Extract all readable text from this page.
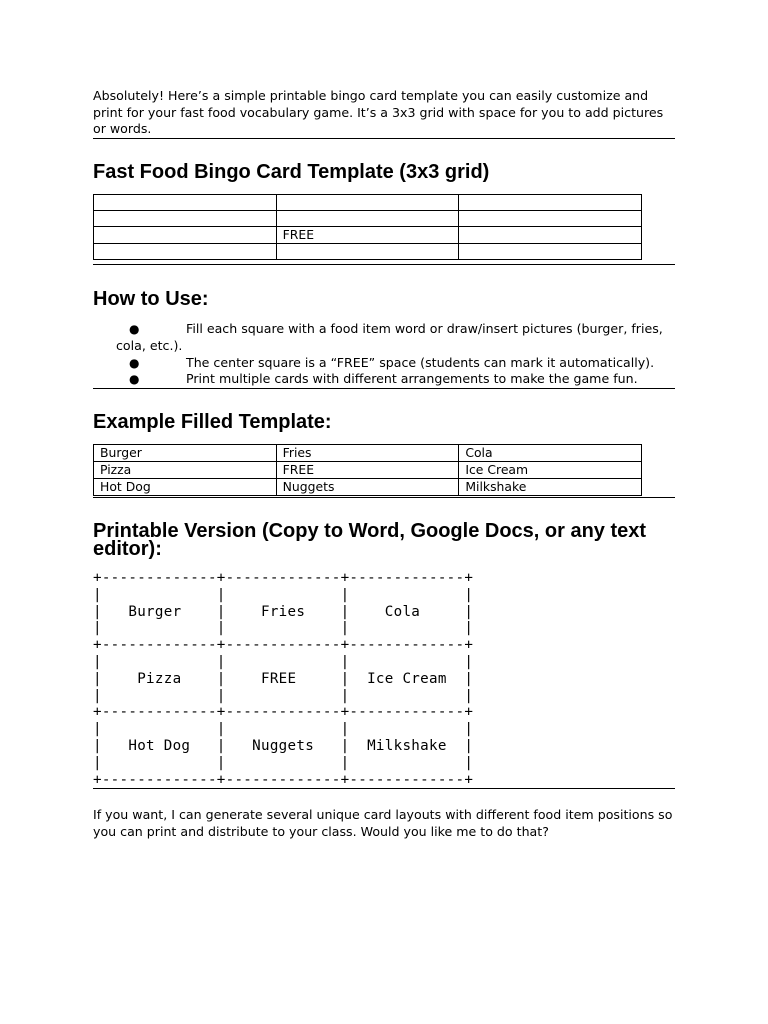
Absolutely! Here’s a simple printable bingo card template you can easily customize and print for your fast food vocabulary game. It’s a 3x3 grid with space for you to add pictures or words.

Fast Food Bingo Card Template (3x3 grid)

	FREE	

How to Use:
●	Fill each square with a food item word or draw/insert pictures (burger, fries, cola, etc.).
●	The center square is a “FREE” space (students can mark it automatically).
●	Print multiple cards with different arrangements to make the game fun.
Example Filled Template:
Burger	Fries	Cola
Pizza	FREE	Ice Cream
Hot Dog	Nuggets	Milkshake
Printable Version (Copy to Word, Google Docs, or any text editor):
+-------------+-------------+-------------+
|             |             |             |
|   Burger    |    Fries    |    Cola     |
|             |             |             |
+-------------+-------------+-------------+
|             |             |             |
|    Pizza    |    FREE     |  Ice Cream  |
|             |             |             |
+-------------+-------------+-------------+
|             |             |             |
|   Hot Dog   |   Nuggets   |  Milkshake  |
|             |             |             |
+-------------+-------------+-------------+

If you want, I can generate several unique card layouts with different food item positions so you can print and distribute to your class. Would you like me to do that?
